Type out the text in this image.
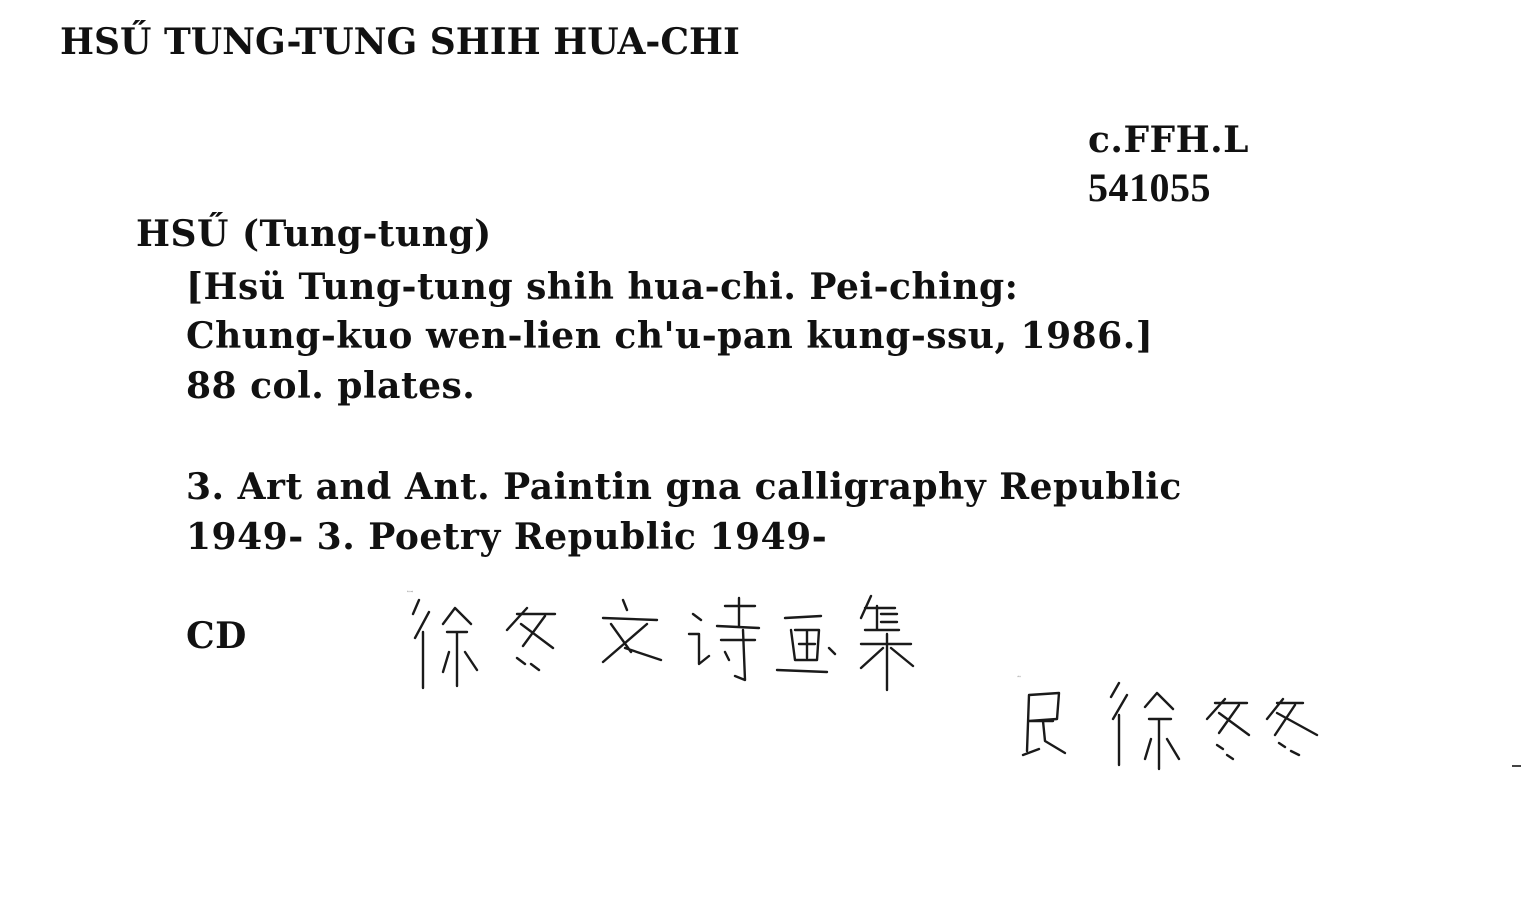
HSŰ TUNG-TUNG SHIH HUA-CHI
c.FFH.L
541055
HSŰ (Tung-tung)
[Hsü Tung-tung shih hua-chi. Pei-ching:
Chung-kuo wen-lien ch'u-pan kung-ssu, 1986.]
88 col. plates.
3. Art and Ant. Paintin gna calligraphy Republic
1949- 3. Poetry Republic 1949-
CD
